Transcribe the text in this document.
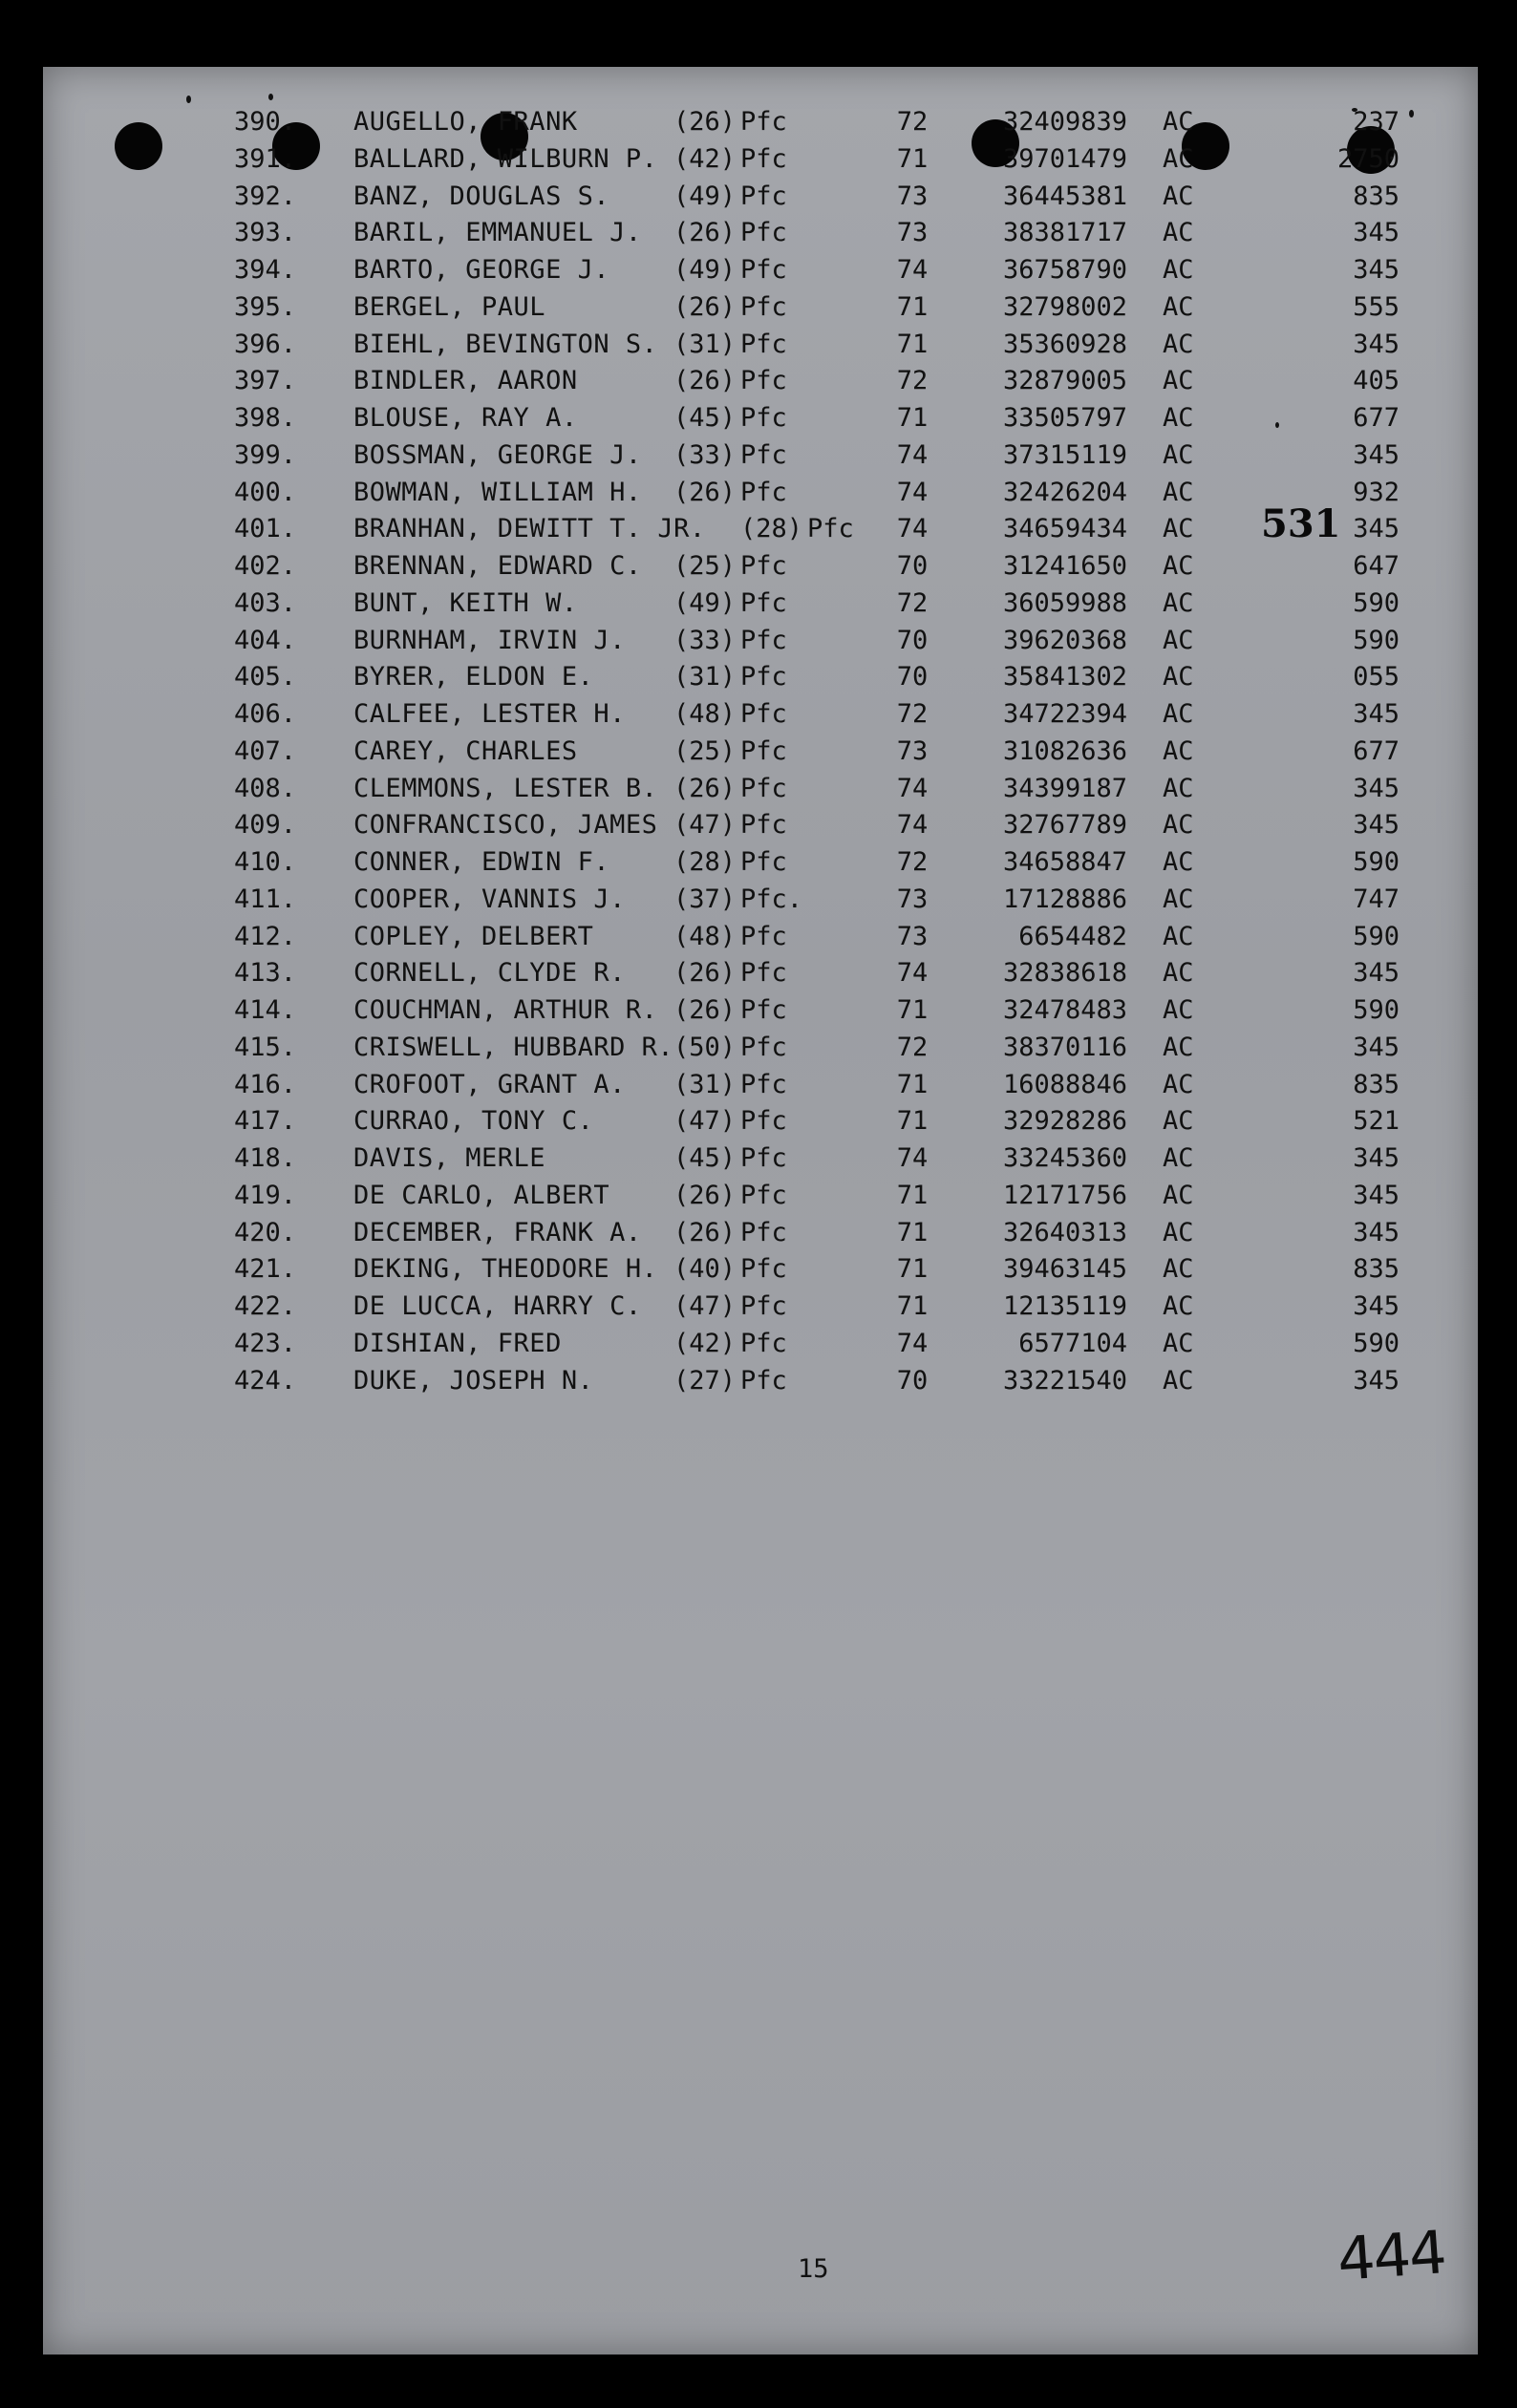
390. AUGELLO, FRANK	(26) Pfc	72	32409839 AC	237
391. BALLARD, WILBURN P. (42) Pfc	71	39701479 AC	2750
392. BANZ, DOUGLAS S. (49) Pfc	73	36445381 AC	835
393. BARIL, EMMANUEL J. (26) Pfc	73	38381717 AC	345
394. BARTO, GEORGE J. (49) Pfc	74	36758790 AC	345
395. BERGEL, PAUL	(26) Pfc	71	32798002 AC	555
396. BIEHL, BEVINGTON S. (31) Pfc	71	35360928 AC	345
397. BINDLER, AARON	(26) Pfc	72	32879005 AC	405
398. BLOUSE, RAY A.	(45) Pfc	71	33505797 AC	677
399. BOSSMAN, GEORGE J. (33) Pfc	74	37315119 AC	345
400. BOWMAN, WILLIAM H. (26) Pfc	74	32426204 AC	932
401. BRANHAN, DEWITT T. JR. (28) Pfc	74	34659434 AC	345
402. BRENNAN, EDWARD C. (25) Pfc	70	31241650 AC	647
403. BUNT, KEITH W.	(49) Pfc	72	36059988 AC	590
404. BURNHAM, IRVIN J. (33) Pfc	70	39620368 AC	590
405. BYRER, ELDON E.	(31) Pfc	70	35841302 AC	055
406. CALFEE, LESTER H. (48) Pfc	72	34722394 AC	345
407. CAREY, CHARLES	(25) Pfc	73	31082636 AC	677
408. CLEMMONS, LESTER B. (26) Pfc	74	34399187 AC	345
409. CONFRANCISCO, JAMES (47) Pfc	74	32767789 AC	345
410. CONNER, EDWIN F. (28) Pfc	72	34658847 AC	590
411. COOPER, VANNIS J. (37) Pfc.	73	17128886 AC	747
412. COPLEY, DELBERT	(48) Pfc	73	6654482 AC	590
413. CORNELL, CLYDE R. (26) Pfc	74	32838618 AC	345
414. COUCHMAN, ARTHUR R. (26) Pfc	71	32478483 AC	590
415. CRISWELL, HUBBARD R. (50) Pfc	72	38370116 AC	345
416. CROFOOT, GRANT A. (31) Pfc	71	16088846 AC	835
417. CURRAO, TONY C.	(47) Pfc	71	32928286 AC	521
418. DAVIS, MERLE	(45) Pfc	74	33245360 AC	345
419. DE CARLO, ALBERT (26) Pfc	71	12171756 AC	345
420. DECEMBER, FRANK A. (26) Pfc	71	32640313 AC	345
421. DEKING, THEODORE H. (40) Pfc	71	39463145 AC	835
422. DE LUCCA, HARRY C. (47) Pfc	71	12135119 AC	345
423. DISHIAN, FRED	(42) Pfc	74	6577104 AC	590
424. DUKE, JOSEPH N.	(27) Pfc	70	33221540 AC	345
531
15	444
